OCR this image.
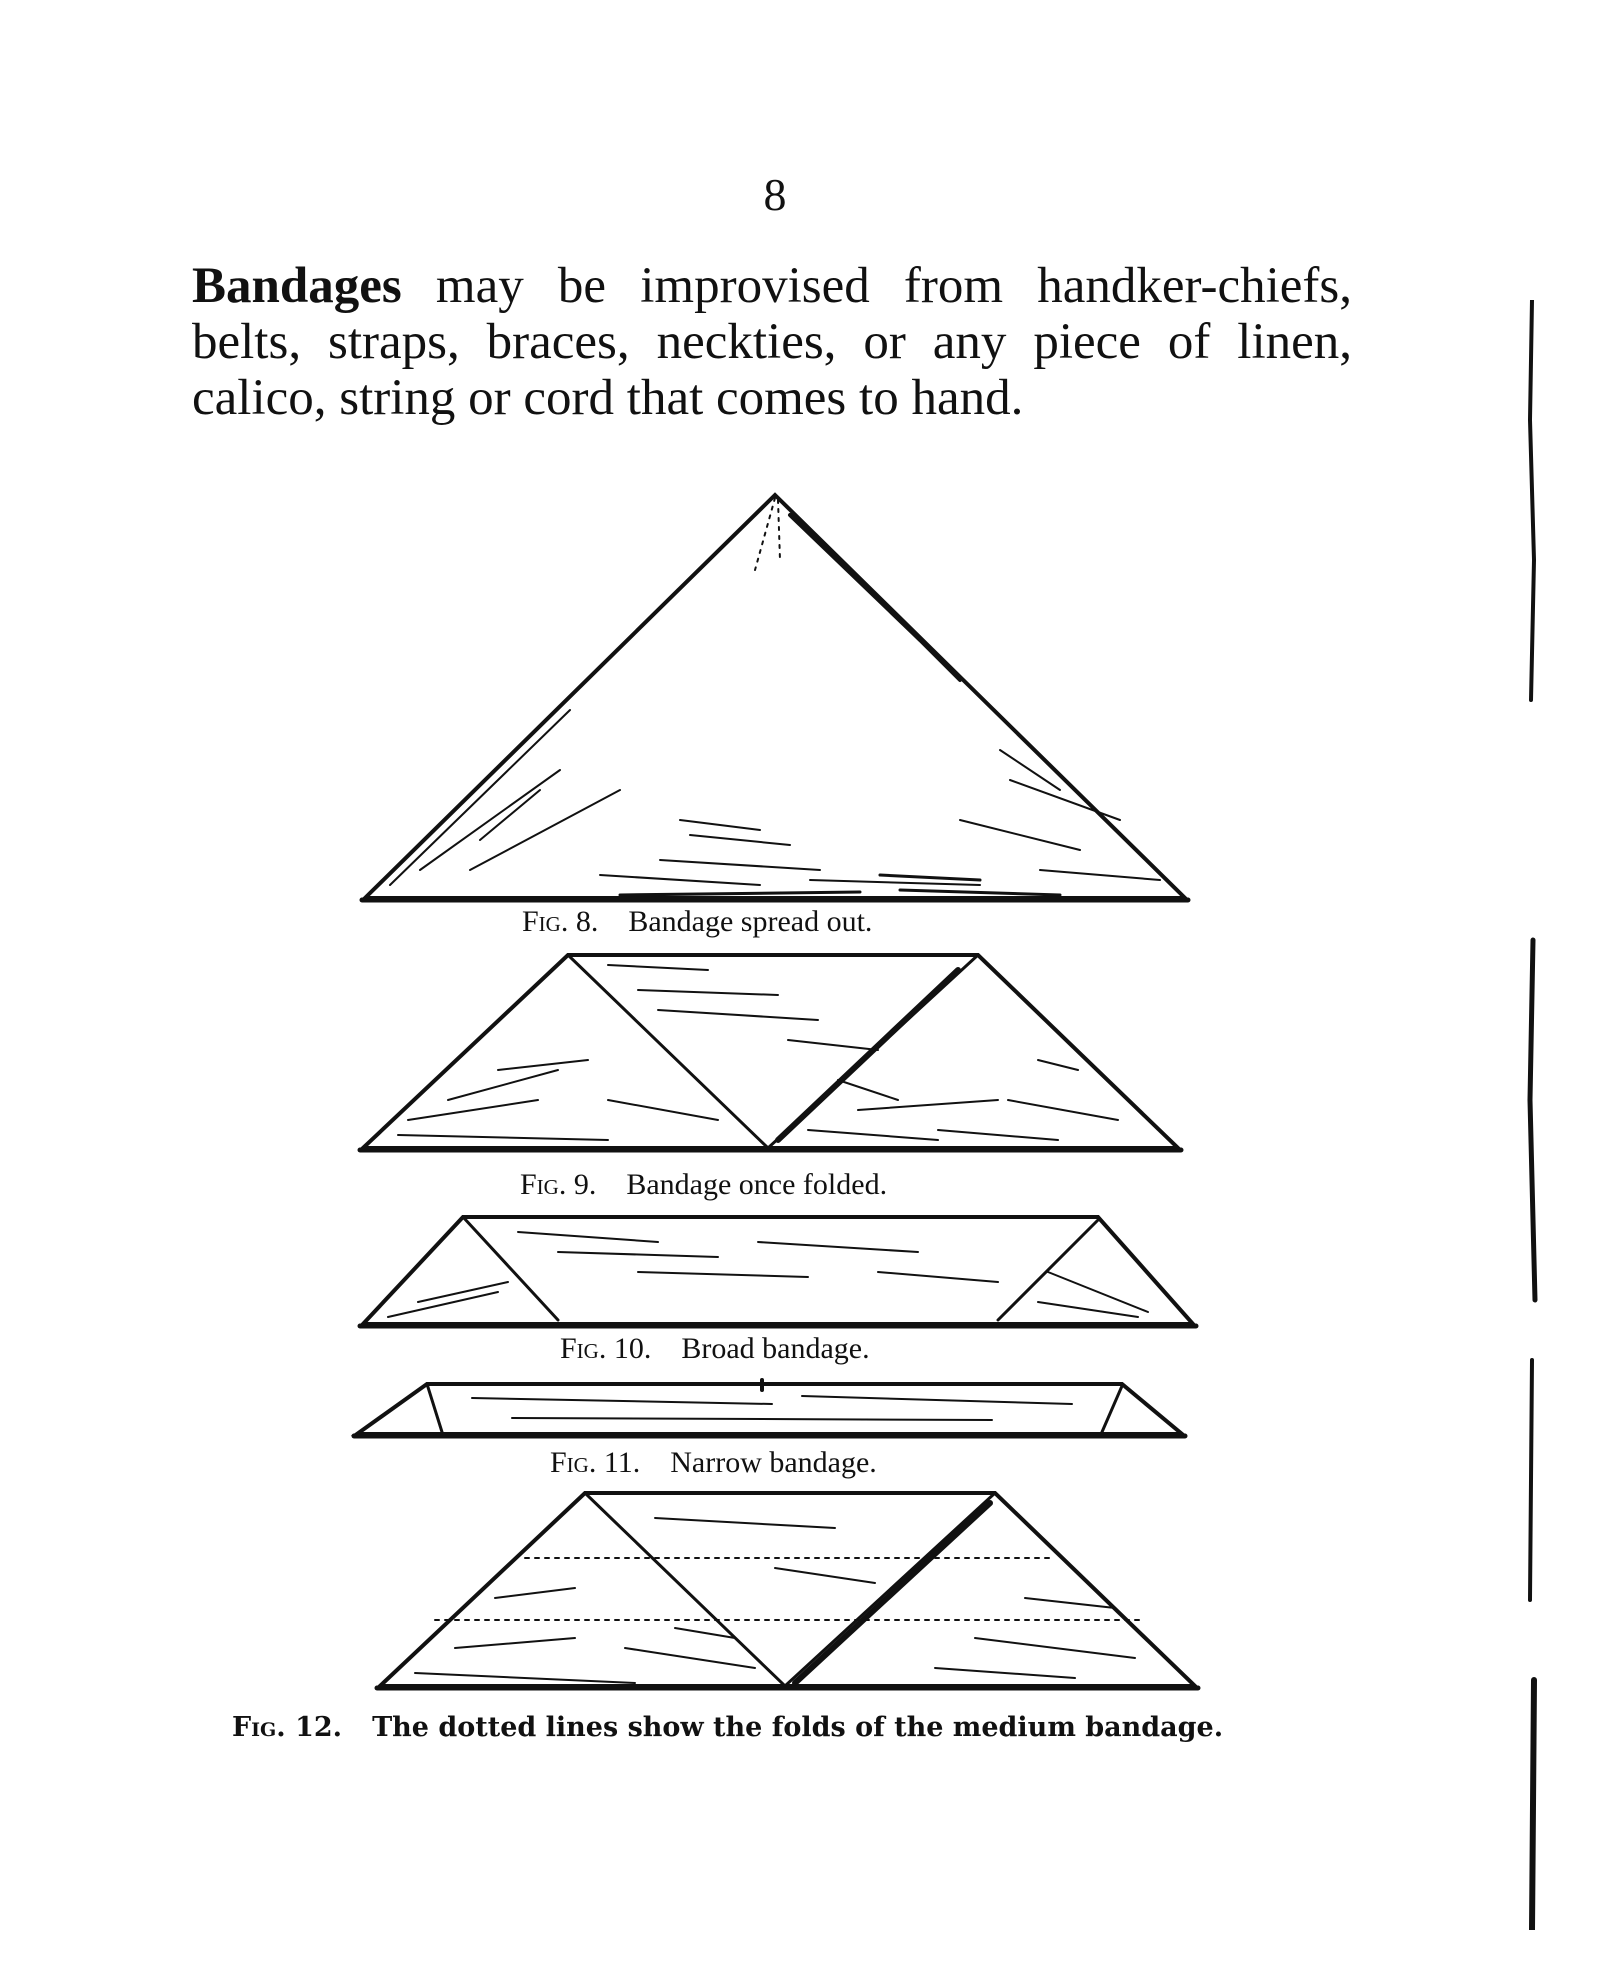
8
Bandages may be improvised from handker-chiefs, belts, straps, braces, neckties, or any piece of linen, calico, string or cord that comes to hand.
Fig. 8. Bandage spread out.
Fig. 9. Bandage once folded.
Fig. 10. Broad bandage.
Fig. 11. Narrow bandage.
Fig. 12. The dotted lines show the folds of the medium bandage.
